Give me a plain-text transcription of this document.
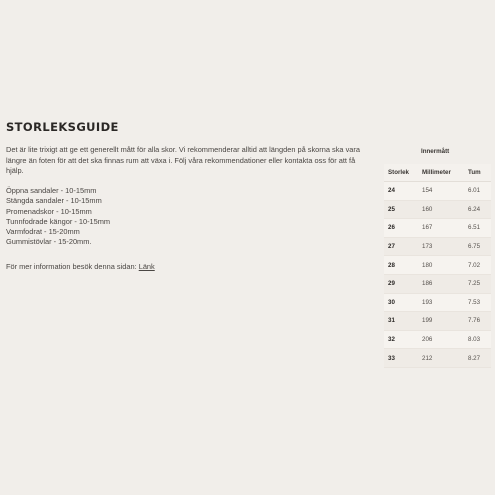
STORLEKSGUIDE

Det är lite trixigt att ge ett generellt mått för alla skor. Vi rekommenderar alltid att längden på skorna ska vara längre än foten för att det ska finnas rum att växa i. Följ våra rekommendationer eller kontakta oss för att få hjälp.

Öppna sandaler - 10-15mm
Stängda sandaler - 10-15mm
Promenadskor - 10-15mm
Tunnfodrade kängor - 10-15mm
Varmfodrat - 15-20mm
Gummistövlar - 15-20mm.

För mer information besök denna sidan: Länk

Innermått
Storlek	Millimeter	Tum
24	154	6.01
25	160	6.24
26	167	6.51
27	173	6.75
28	180	7.02
29	186	7.25
30	193	7.53
31	199	7.76
32	206	8.03
33	212	8.27
